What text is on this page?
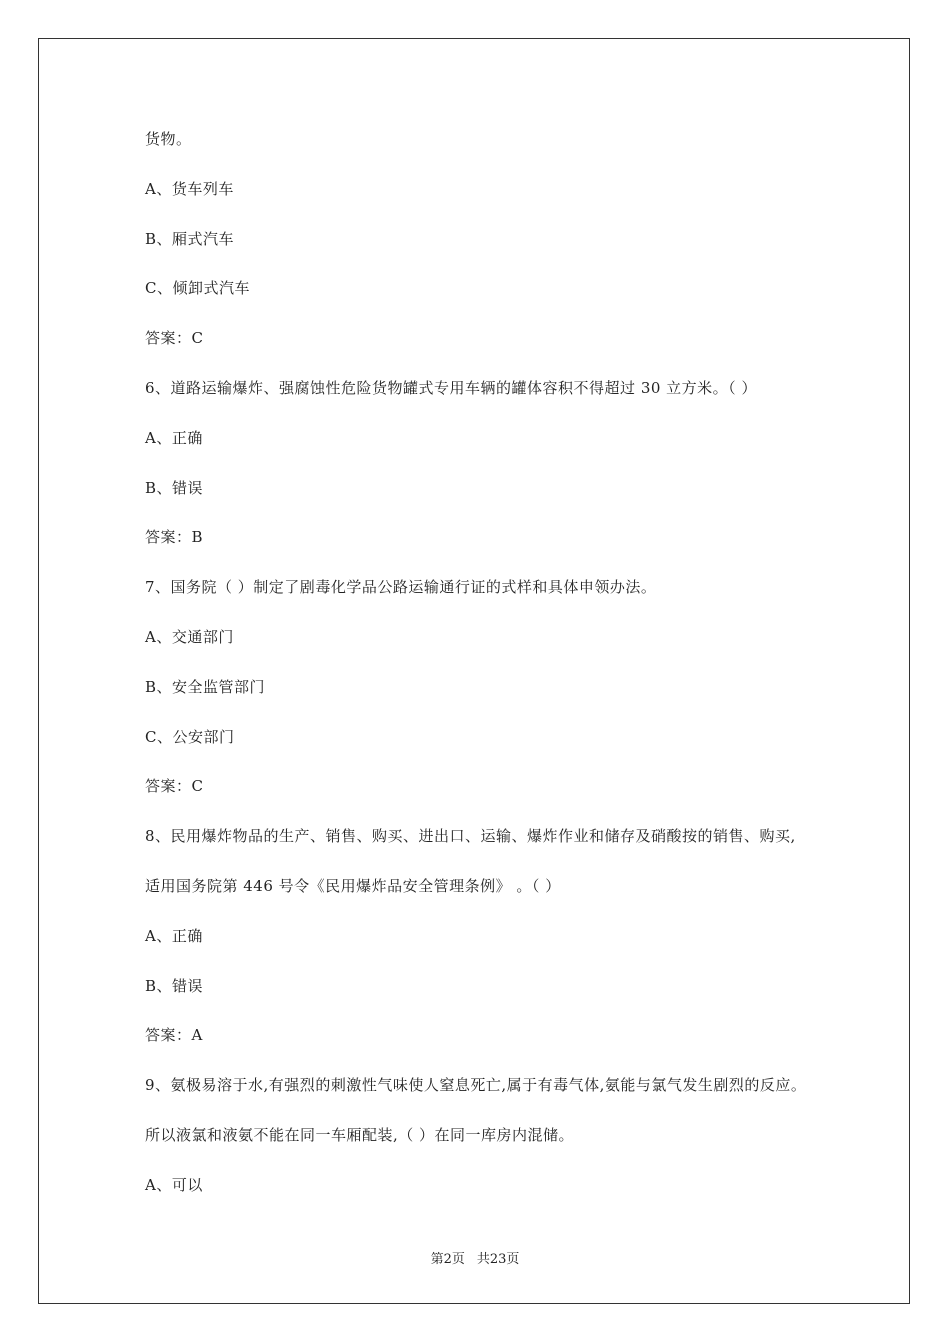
货物。
A、货车列车
B、厢式汽车
C、倾卸式汽车
答案：C
6、道路运输爆炸、强腐蚀性危险货物罐式专用车辆的罐体容积不得超过 30 立方米。（ ）
A、正确
B、错误
答案：B
7、国务院（ ）制定了剧毒化学品公路运输通行证的式样和具体申领办法。
A、交通部门
B、安全监管部门
C、公安部门
答案：C
8、民用爆炸物品的生产、销售、购买、进出口、运输、爆炸作业和储存及硝酸按的销售、购买,
适用国务院第 446 号令《民用爆炸品安全管理条例》 。（ ）
A、正确
B、错误
答案：A
9、氨极易溶于水,有强烈的刺激性气味使人窒息死亡,属于有毒气体,氨能与氯气发生剧烈的反应。
所以液氯和液氨不能在同一车厢配装,（ ）在同一库房内混储。
A、可以
第2页 共23页
